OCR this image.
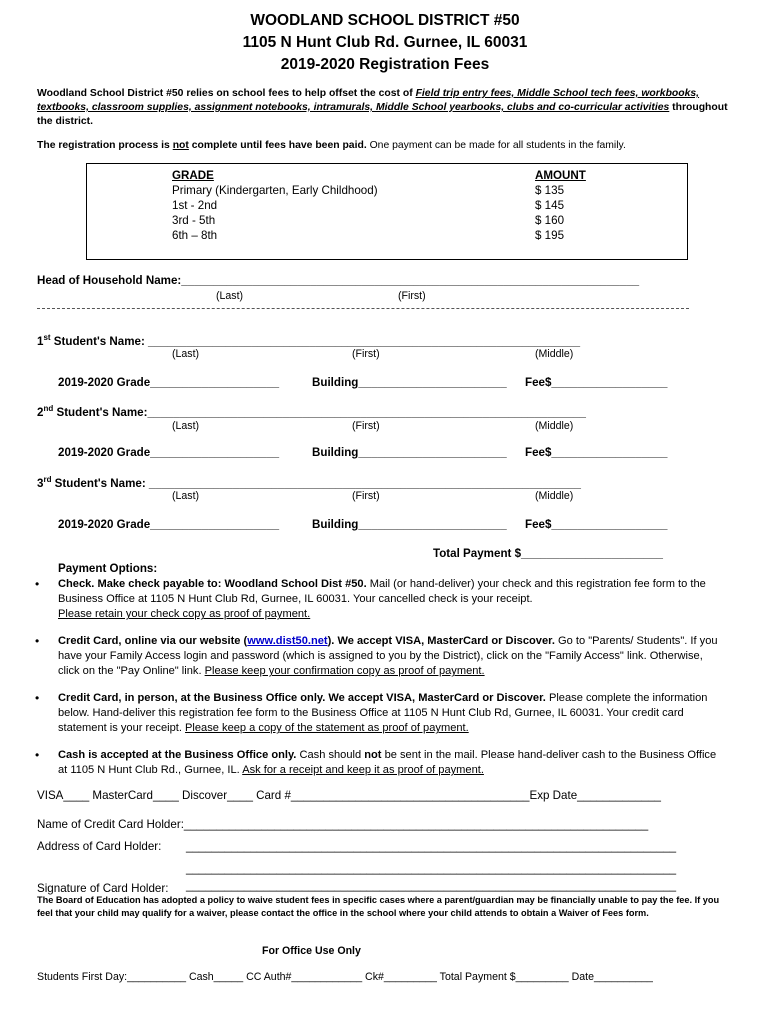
WOODLAND SCHOOL DISTRICT #50
1105 N Hunt Club Rd. Gurnee, IL 60031
2019-2020 Registration Fees
Woodland School District #50 relies on school fees to help offset the cost of Field trip entry fees, Middle School tech fees, workbooks, textbooks, classroom supplies, assignment notebooks, intramurals, Middle School yearbooks, clubs and co-curricular activities throughout the district.
The registration process is not complete until fees have been paid. One payment can be made for all students in the family.
GRADE	AMOUNT
Primary (Kindergarten, Early Childhood)	$ 135
1st - 2nd	$ 145
3rd - 5th	$ 160
6th – 8th	$ 195
Head of Household Name:_______________________________________________________________________
(Last)	(First)
1st Student's Name: ___________________________________________________________________
(Last)	(First)	(Middle)
2019-2020 Grade____________________	Building_______________________ Fee$__________________
2nd Student's Name:____________________________________________________________________
(Last)	(First)	(Middle)
2019-2020 Grade____________________	Building_______________________ Fee$__________________
3rd Student's Name: ___________________________________________________________________
(Last)	(First)	(Middle)
2019-2020 Grade____________________	Building_______________________ Fee$__________________
Total Payment $______________________
Payment Options:
• Check. Make check payable to: Woodland School Dist #50. Mail (or hand-deliver) your check and this registration fee form to the Business Office at 1105 N Hunt Club Rd, Gurnee, IL 60031. Your cancelled check is your receipt.
Please retain your check copy as proof of payment.
• Credit Card, online via our website (www.dist50.net). We accept VISA, MasterCard or Discover. Go to "Parents/ Students". If you have your Family Access login and password (which is assigned to you by the District), click on the "Family Access" link. Otherwise, click on the "Pay Online" link. Please keep your confirmation copy as proof of payment.
• Credit Card, in person, at the Business Office only. We accept VISA, MasterCard or Discover. Please complete the information below. Hand-deliver this registration fee form to the Business Office at 1105 N Hunt Club Rd, Gurnee, IL 60031. Your credit card statement is your receipt. Please keep a copy of the statement as proof of payment.
• Cash is accepted at the Business Office only. Cash should not be sent in the mail. Please hand-deliver cash to the Business Office at 1105 N Hunt Club Rd., Gurnee, IL. Ask for a receipt and keep it as proof of payment.
VISA____ MasterCard____ Discover____ Card #_____________________________________Exp Date_____________
Name of Credit Card Holder:________________________________________________________________________
Address of Card Holder: ____________________________________________________________________________
____________________________________________________________________________
Signature of Card Holder: ____________________________________________________________________________
The Board of Education has adopted a policy to waive student fees in specific cases where a parent/guardian may be financially unable to pay the fee. If you feel that your child may qualify for a waiver, please contact the office in the school where your child attends to obtain a Waiver of Fees form.
For Office Use Only
Students First Day:__________ Cash_____ CC Auth#____________ Ck#_________ Total Payment $_________ Date__________
